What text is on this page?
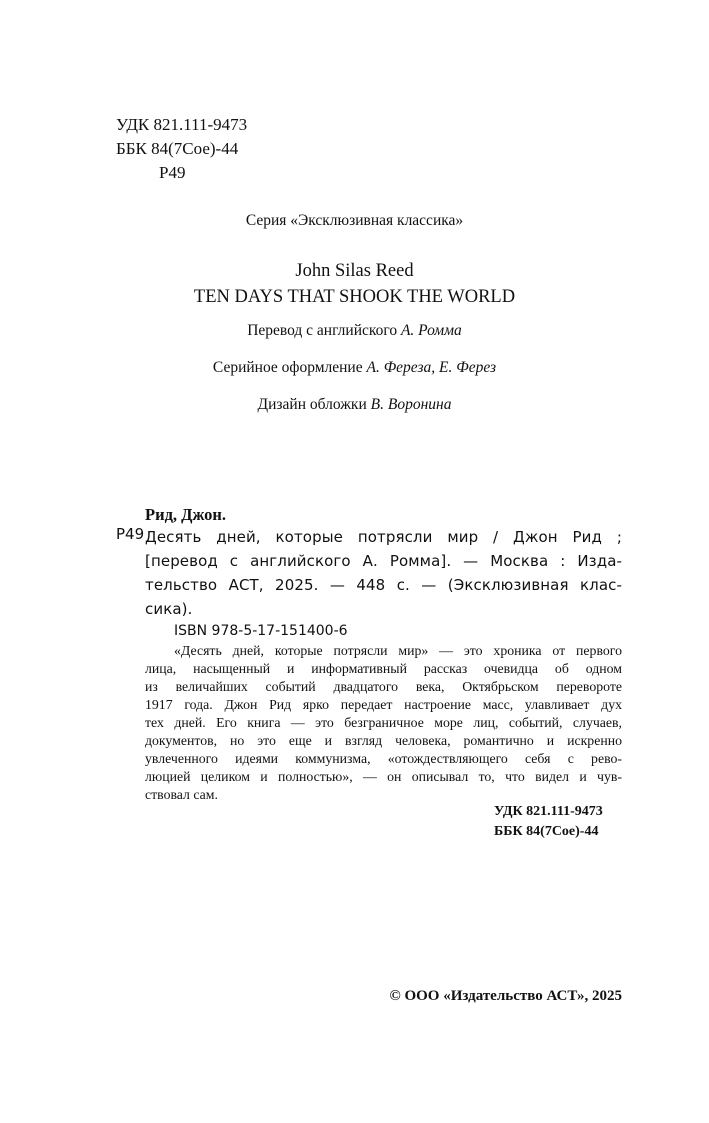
УДК 821.111-9473
ББК 84(7Сое)-44
Р49
Серия «Эксклюзивная классика»
John Silas Reed
TEN DAYS THAT SHOOK THE WORLD
Перевод с английского А. Ромма
Серийное оформление А. Фереза, Е. Ферез
Дизайн обложки В. Воронина
Рид, Джон.
Р49 Десять дней, которые потрясли мир / Джон Рид ;
[перевод с английского А. Ромма]. — Москва : Изда-
тельство АСТ, 2025. — 448 с. — (Эксклюзивная клас-
сика).
ISBN 978-5-17-151400-6
«Десять дней, которые потрясли мир» — это хроника от первого
лица, насыщенный и информативный рассказ очевидца об одном
из величайших событий двадцатого века, Октябрьском перевороте
1917 года. Джон Рид ярко передает настроение масс, улавливает дух
тех дней. Его книга — это безграничное море лиц, событий, случаев,
документов, но это еще и взгляд человека, романтично и искренно
увлеченного идеями коммунизма, «отождествляющего себя с рево-
люцией целиком и полностью», — он описывал то, что видел и чув-
ствовал сам.
УДК 821.111-9473
ББК 84(7Сое)-44
© ООО «Издательство АСТ», 2025
